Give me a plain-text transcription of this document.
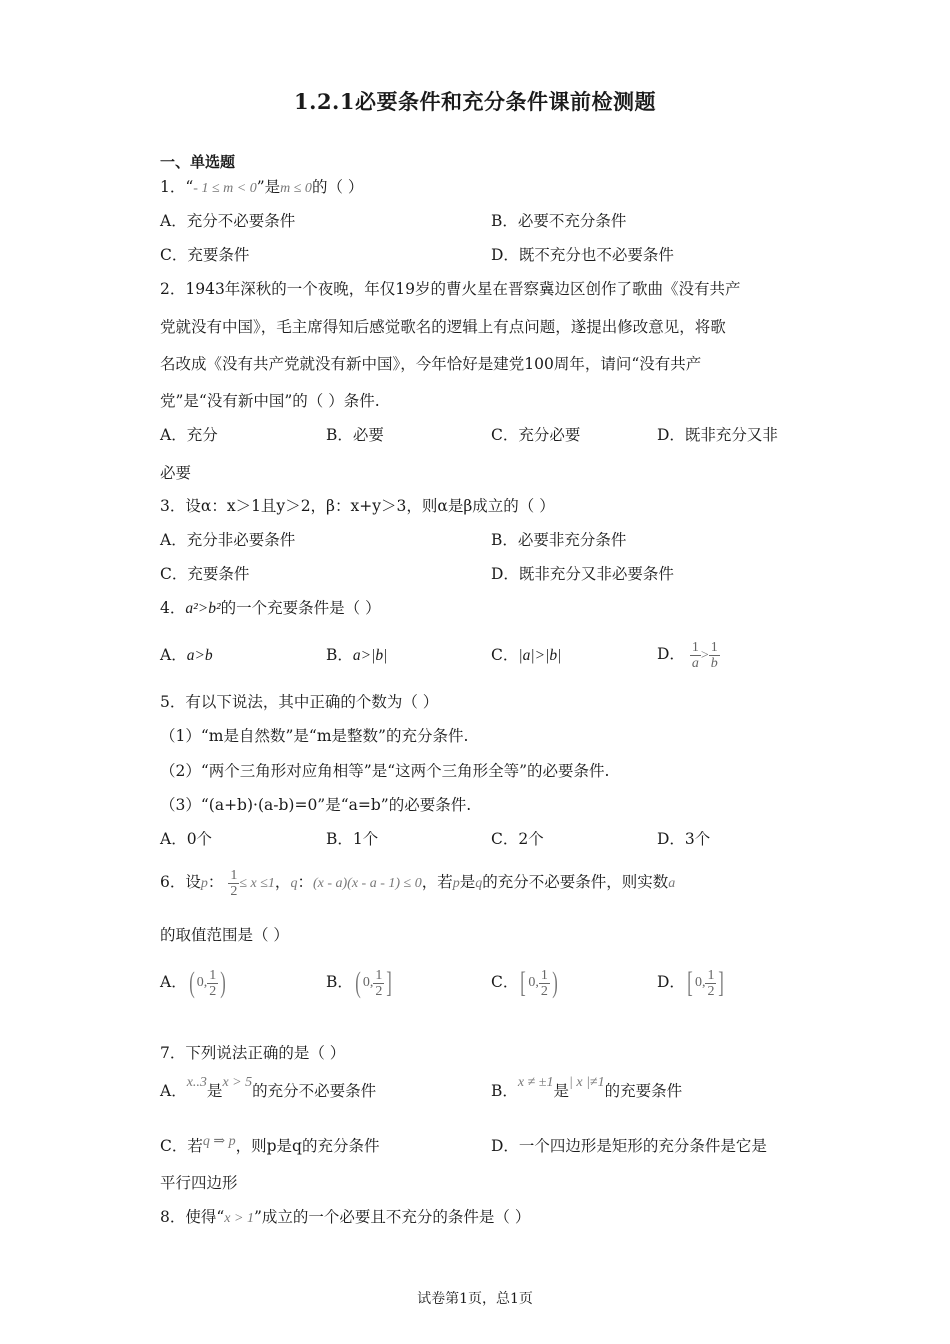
1.2.1必要条件和充分条件课前检测题
一、单选题
1．“- 1 ≤ m < 0”是m ≤ 0的（ ）
A．充分不必要条件	B．必要不充分条件
C．充要条件	D．既不充分也不必要条件
2．1943年深秋的一个夜晚，年仅19岁的曹火星在晋察冀边区创作了歌曲《没有共产
党就没有中国》，毛主席得知后感觉歌名的逻辑上有点问题，遂提出修改意见，将歌
名改成《没有共产党就没有新中国》，今年恰好是建党100周年，请问“没有共产
党”是“没有新中国”的（ ）条件.
A．充分	B．必要	C．充分必要	D．既非充分又非
必要
3．设α：x＞1且y＞2，β：x+y＞3，则α是β成立的（ ）
A．充分非必要条件	B．必要非充分条件
C．充要条件	D．既非充分又非必要条件
4．a²>b²的一个充要条件是（ ）
A．a>b	B．a>|b|	C．|a|>|b|	D． $\frac{1}{a} > \frac{1}{b}$
5．有以下说法，其中正确的个数为（ ）
（1）“m是自然数”是“m是整数”的充分条件.
（2）“两个三角形对应角相等”是“这两个三角形全等”的必要条件.
（3）“(a+b)·(a-b)=0”是“a=b”的必要条件.
A．0个	B．1个	C．2个	D．3个
6．设p： $\frac{1}{2} \le x \le 1$，q：(x - a)(x - a - 1) ≤ 0，若p是q的充分不必要条件，则实数a
的取值范围是（ ）
A．( 0, $\frac{1}{2}$ )	B．( 0, $\frac{1}{2}$ ]	C．[ 0, $\frac{1}{2}$ )	D．[ 0, $\frac{1}{2}$ ]
7．下列说法正确的是（ ）
A．x..3是x > 5的充分不必要条件	B．x ≠ ±1是| x |≠1的充要条件
C．若q ⇒ p，则p是q的充分条件	D．一个四边形是矩形的充分条件是它是
平行四边形
8．使得“x > 1”成立的一个必要且不充分的条件是（ ）
试卷第1页，总1页
